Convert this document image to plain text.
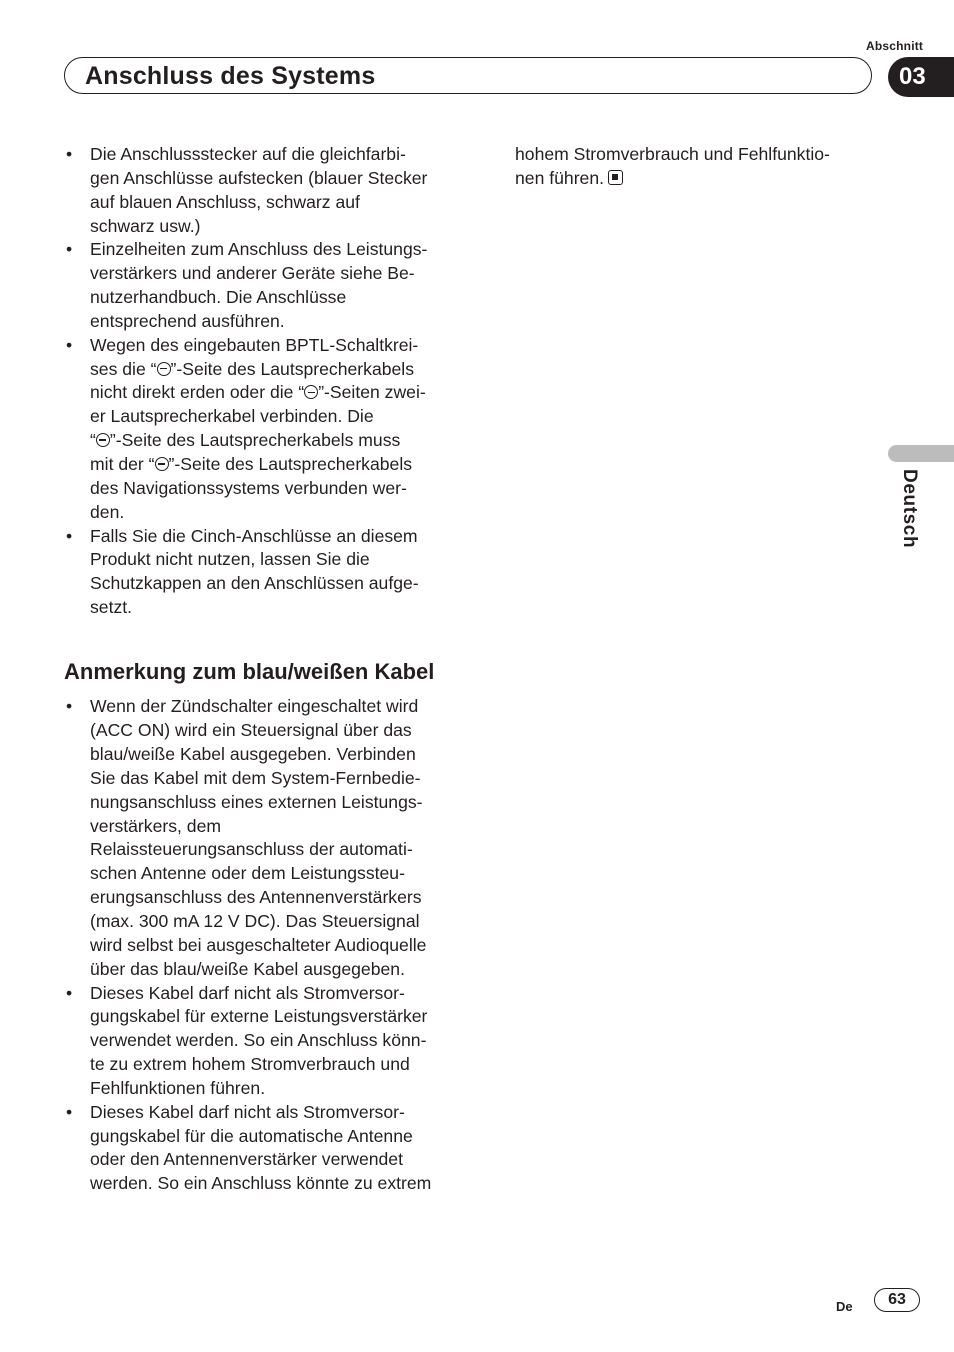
Abschnitt
Anschluss des Systems	03
Deutsch
• Die Anschlussstecker auf die gleichfarbi-
gen Anschlüsse aufstecken (blauer Stecker
auf blauen Anschluss, schwarz auf
schwarz usw.)
• Einzelheiten zum Anschluss des Leistungs-
verstärkers und anderer Geräte siehe Be-
nutzerhandbuch. Die Anschlüsse
entsprechend ausführen.
• Wegen des eingebauten BPTL-Schaltkrei-
ses die “ ”-Seite des Lautsprecherkabels
nicht direkt erden oder die “ ”-Seiten zwei-
er Lautsprecherkabel verbinden. Die
“ ”-Seite des Lautsprecherkabels muss
mit der “ ”-Seite des Lautsprecherkabels
des Navigationssystems verbunden wer-
den.
• Falls Sie die Cinch-Anschlüsse an diesem
Produkt nicht nutzen, lassen Sie die
Schutzkappen an den Anschlüssen aufge-
setzt.
Anmerkung zum blau/weißen Kabel
• Wenn der Zündschalter eingeschaltet wird
(ACC ON) wird ein Steuersignal über das
blau/weiße Kabel ausgegeben. Verbinden
Sie das Kabel mit dem System-Fernbedie-
nungsanschluss eines externen Leistungs-
verstärkers, dem
Relaissteuerungsanschluss der automati-
schen Antenne oder dem Leistungssteu-
erungsanschluss des Antennenverstärkers
(max. 300 mA 12 V DC). Das Steuersignal
wird selbst bei ausgeschalteter Audioquelle
über das blau/weiße Kabel ausgegeben.
• Dieses Kabel darf nicht als Stromversor-
gungskabel für externe Leistungsverstärker
verwendet werden. So ein Anschluss könn-
te zu extrem hohem Stromverbrauch und
Fehlfunktionen führen.
• Dieses Kabel darf nicht als Stromversor-
gungskabel für die automatische Antenne
oder den Antennenverstärker verwendet
werden. So ein Anschluss könnte zu extrem
hohem Stromverbrauch und Fehlfunktio-
nen führen.
De	63
